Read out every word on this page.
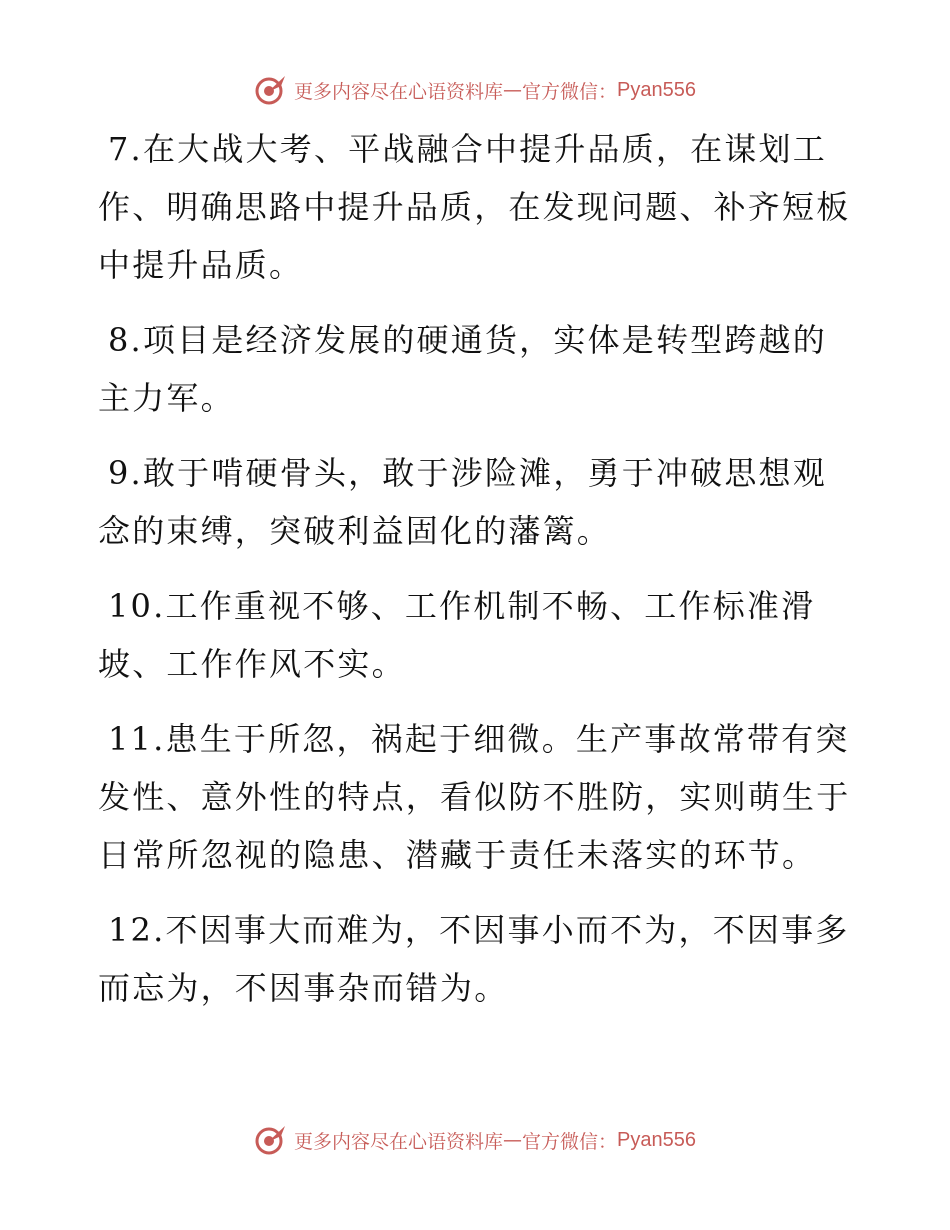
更多内容尽在心语资料库 — 官方微信： Pyan556

7.在大战大考、平战融合中提升品质，在谋划工作、明确思路中提升品质，在发现问题、补齐短板中提升品质。

8.项目是经济发展的硬通货，实体是转型跨越的主力军。

9.敢于啃硬骨头，敢于涉险滩，勇于冲破思想观念的束缚，突破利益固化的藩篱。

10.工作重视不够、工作机制不畅、工作标准滑坡、工作作风不实。

11.患生于所忽，祸起于细微。生产事故常带有突发性、意外性的特点，看似防不胜防，实则萌生于日常所忽视的隐患、潜藏于责任未落实的环节。

12.不因事大而难为，不因事小而不为，不因事多而忘为，不因事杂而错为。

更多内容尽在心语资料库 — 官方微信： Pyan556
